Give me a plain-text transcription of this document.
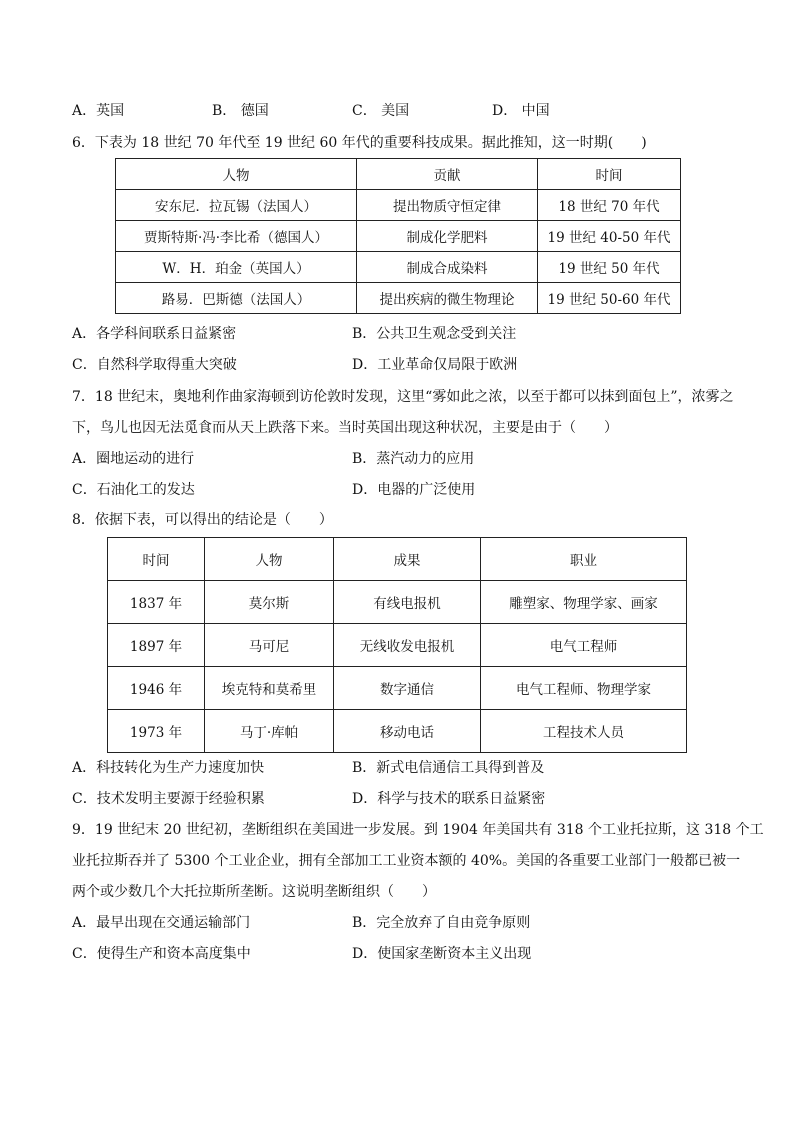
A．英国	B． 德国	C． 美国	D． 中国
6．下表为 18 世纪 70 年代至 19 世纪 60 年代的重要科技成果。据此推知，这一时期(　　)
人物	贡献	时间
安东尼．拉瓦锡（法国人）	提出物质守恒定律	18 世纪 70 年代
贾斯特斯·冯·李比希（德国人）	制成化学肥料	19 世纪 40-50 年代
W．H．珀金（英国人）	制成合成染料	19 世纪 50 年代
路易．巴斯德（法国人）	提出疾病的微生物理论	19 世纪 50-60 年代
A．各学科间联系日益紧密	B．公共卫生观念受到关注
C．自然科学取得重大突破	D．工业革命仅局限于欧洲
7．18 世纪末，奥地利作曲家海顿到访伦敦时发现，这里“雾如此之浓，以至于都可以抹到面包上”，浓雾之
下，鸟儿也因无法觅食而从天上跌落下来。当时英国出现这种状况，主要是由于（　　）
A．圈地运动的进行	B．蒸汽动力的应用
C．石油化工的发达	D．电器的广泛使用
8．依据下表，可以得出的结论是（　　）
时间	人物	成果	职业
1837 年	莫尔斯	有线电报机	雕塑家、物理学家、画家
1897 年	马可尼	无线收发电报机	电气工程师
1946 年	埃克特和莫希里	数字通信	电气工程师、物理学家
1973 年	马丁·库帕	移动电话	工程技术人员
A．科技转化为生产力速度加快	B．新式电信通信工具得到普及
C．技术发明主要源于经验积累	D．科学与技术的联系日益紧密
9．19 世纪末 20 世纪初，垄断组织在美国进一步发展。到 1904 年美国共有 318 个工业托拉斯，这 318 个工
业托拉斯吞并了 5300 个工业企业，拥有全部加工工业资本额的 40%。美国的各重要工业部门一般都已被一
两个或少数几个大托拉斯所垄断。这说明垄断组织（　　）
A．最早出现在交通运输部门	B．完全放弃了自由竞争原则
C．使得生产和资本高度集中	D．使国家垄断资本主义出现
